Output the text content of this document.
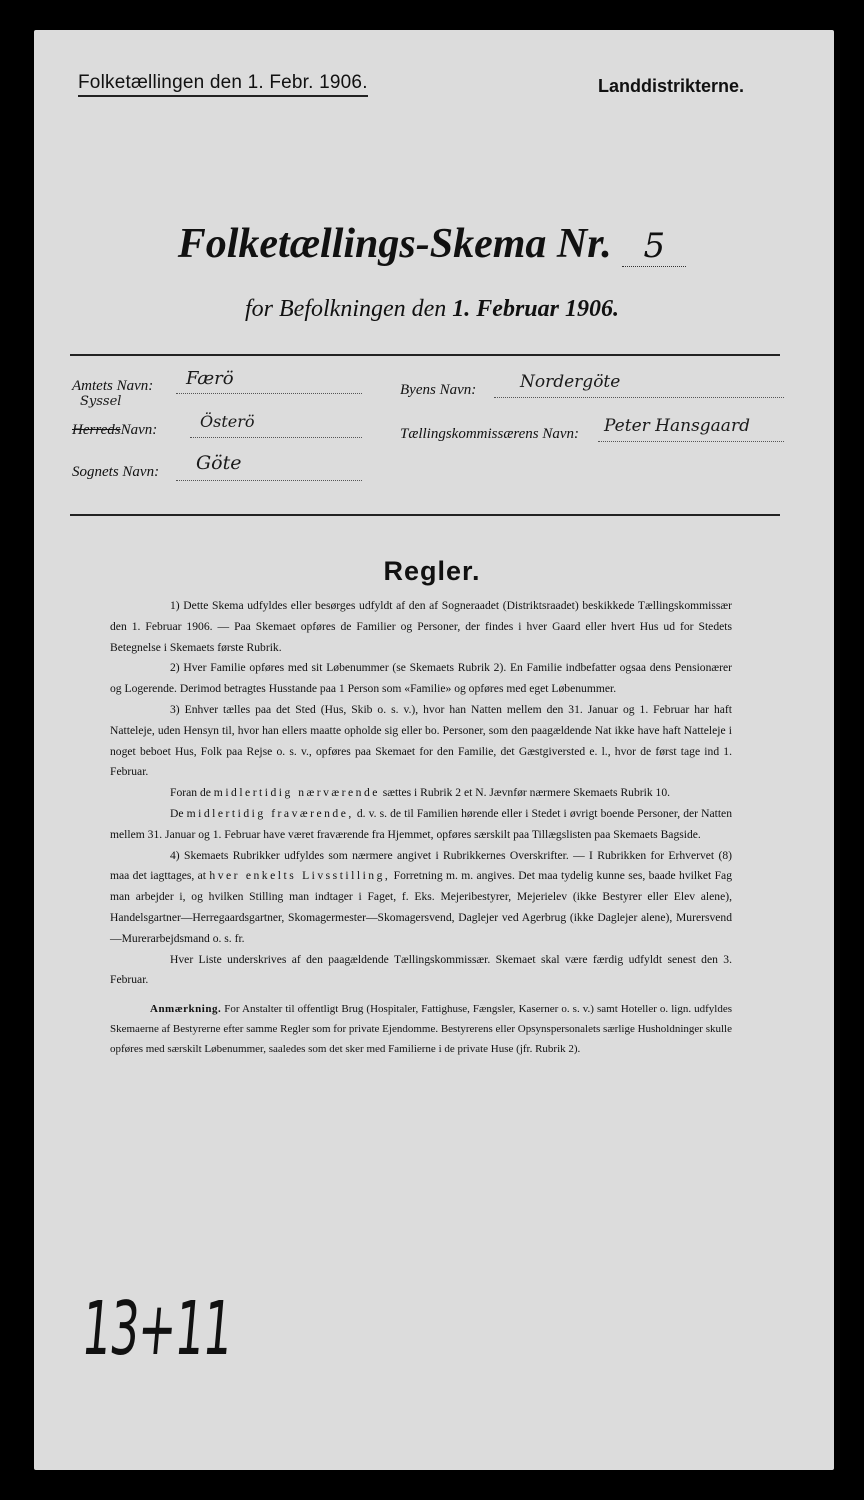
Folketællingen den 1. Febr. 1906.	Landdistrikterne.
Folketællings-Skema Nr. 5
for Befolkningen den 1. Februar 1906.
Amtets Navn: Færö
Byens Navn:	Nordergöte
Syssel
HerredsNavn:	Österö
Tællingskommissærens Navn: Peter Hansgaard
Sognets Navn: Göte
Regler.

1) Dette Skema udfyldes eller besørges udfyldt af den af Sogneraadet (Distriktsraadet) beskikkede Tællingskommissær den 1. Februar 1906. — Paa Skemaet opføres de Familier og Personer, der findes i hver Gaard eller hvert Hus ud for Stedets Betegnelse i Skemaets første Rubrik.

2) Hver Familie opføres med sit Løbenummer (se Skemaets Rubrik 2). En Familie indbefatter ogsaa dens Pensionærer og Logerende. Derimod betragtes Husstande paa 1 Person som «Familie» og opføres med eget Løbenummer.

3) Enhver tælles paa det Sted (Hus, Skib o. s. v.), hvor han Natten mellem den 31. Januar og 1. Februar har haft Natteleje, uden Hensyn til, hvor han ellers maatte opholde sig eller bo. Personer, som den paagældende Nat ikke have haft Natteleje i noget beboet Hus, Folk paa Rejse o. s. v., opføres paa Skemaet for den Familie, det Gæstgiversted e. l., hvor de først tage ind 1. Februar.

Foran de midlertidig nærværende sættes i Rubrik 2 et N. Jævnfør nærmere Skemaets Rubrik 10.

De midlertidig fraværende, d. v. s. de til Familien hørende eller i Stedet i øvrigt boende Personer, der Natten mellem 31. Januar og 1. Februar have været fraværende fra Hjemmet, opføres særskilt paa Tillægslisten paa Skemaets Bagside.

4) Skemaets Rubrikker udfyldes som nærmere angivet i Rubrikkernes Overskrifter. — I Rubrikken for Erhvervet (8) maa det iagttages, at hver enkelts Livsstilling, Forretning m. m. angives. Det maa tydelig kunne ses, baade hvilket Fag man arbejder i, og hvilken Stilling man indtager i Faget, f. Eks. Mejeribestyrer, Mejerielev (ikke Bestyrer eller Elev alene), Handelsgartner—Herregaardsgartner, Skomagermester—Skomagersvend, Daglejer ved Agerbrug (ikke Daglejer alene), Murersvend—Murerarbejdsmand o. s. fr.

Hver Liste underskrives af den paagældende Tællingskommissær. Skemaet skal være færdig udfyldt senest den 3. Februar.

Anmærkning. For Anstalter til offentligt Brug (Hospitaler, Fattighuse, Fængsler, Kaserner o. s. v.) samt Hoteller o. lign. udfyldes Skemaerne af Bestyrerne efter samme Regler som for private Ejendomme. Bestyrerens eller Opsynspersonalets særlige Husholdninger skulle opføres med særskilt Løbenummer, saaledes som det sker med Familierne i de private Huse (jfr. Rubrik 2).

13+11
